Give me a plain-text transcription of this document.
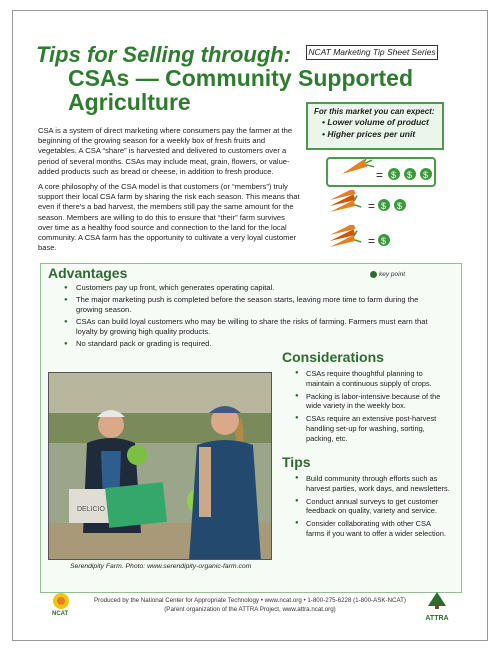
NCAT Marketing Tip Sheet Series
Tips for Selling through:
CSAs — Community Supported Agriculture	For this market you can expect:
• Lower volume of product
• Higher prices per unit
= $ $ $
= $ $
= $

CSA is a system of direct marketing where consumers pay the farmer at the beginning of the growing season for a weekly box of fresh fruits and vegetables. A CSA “share” is harvested and delivered to customers over a period of several months. CSAs may include meat, grain, flowers, or value-added products such as bread or cheese, in addition to fresh produce.

A core philosophy of the CSA model is that customers (or “members”) truly support their local CSA farm by sharing the risk each season. This means that even if there's a bad harvest, the members still pay the same amount for the season. Members are willing to do this to ensure that “their” farm survives over time as a healthy food source and connection to the land for the local community. A CSA farm has the opportunity to cultivate a very loyal customer base.

Advantages	key point
● Customers pay up front, which generates operating capital.
● The major marketing push is completed before the season starts, leaving more time to farm during the growing season.
● CSAs can build loyal customers who may be willing to share the risks of farming. Farmers must earn that loyalty by growing high quality products.
● No standard pack or grading is required.
DELICIO
Serendipity Farm. Photo: www.serendipity-organic-farm.com
Considerations
● CSAs require thoughtful planning to maintain a continuous supply of crops.
● Packing is labor-intensive because of the wide variety in the weekly box.
● CSAs require an extensive post-harvest handling set-up for washing, sorting, packing, etc.
Tips
● Build community through efforts such as harvest parties, work days, and newsletters.
● Conduct annual surveys to get customer feedback on quality, variety and service.
● Consider collaborating with other CSA farms if you want to offer a wider selection.
NCAT
Produced by the National Center for Appropriate Technology • www.ncat.org • 1-800-275-6228 (1-800-ASK-NCAT)
(Parent organization of the ATTRA Project, www.attra.ncat.org)
ATTRA
